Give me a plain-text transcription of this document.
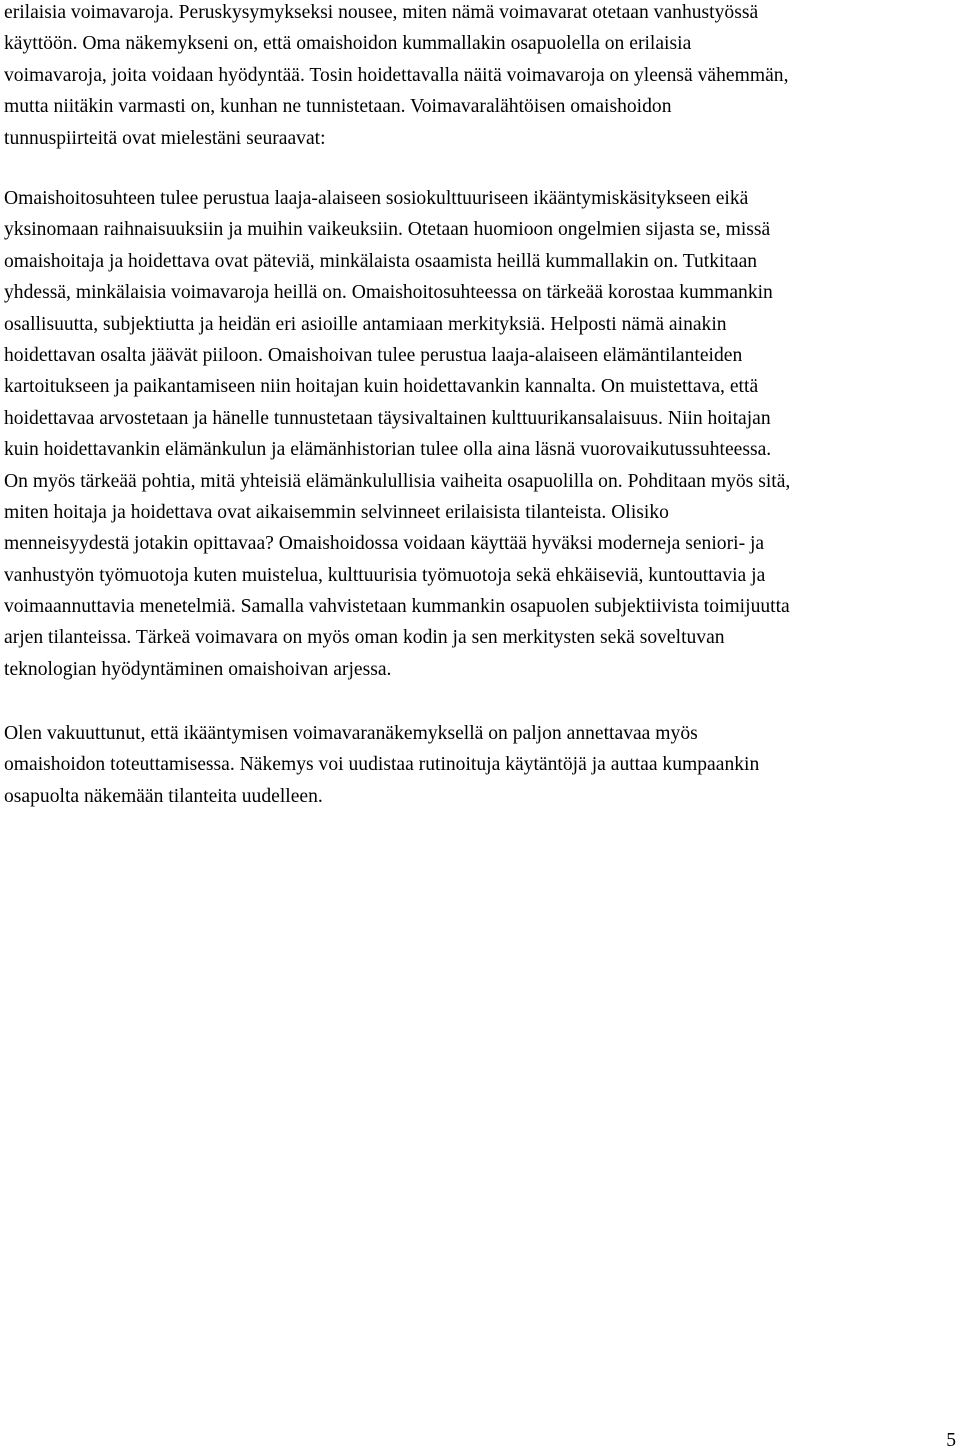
erilaisia voimavaroja. Peruskysymykseksi nousee, miten nämä voimavarat otetaan vanhustyössä
käyttöön. Oma näkemykseni on, että omaishoidon kummallakin osapuolella on erilaisia
voimavaroja, joita voidaan hyödyntää. Tosin hoidettavalla näitä voimavaroja on yleensä vähemmän,
mutta niitäkin varmasti on, kunhan ne tunnistetaan. Voimavaralähtöisen omaishoidon
tunnuspiirteitä ovat mielestäni seuraavat:

Omaishoitosuhteen tulee perustua laaja-alaiseen sosiokulttuuriseen ikääntymiskäsitykseen eikä
yksinomaan raihnaisuuksiin ja muihin vaikeuksiin. Otetaan huomioon ongelmien sijasta se, missä
omaishoitaja ja hoidettava ovat päteviä, minkälaista osaamista heillä kummallakin on. Tutkitaan
yhdessä, minkälaisia voimavaroja heillä on. Omaishoitosuhteessa on tärkeää korostaa kummankin
osallisuutta, subjektiutta ja heidän eri asioille antamiaan merkityksiä. Helposti nämä ainakin
hoidettavan osalta jäävät piiloon. Omaishoivan tulee perustua laaja-alaiseen elämäntilanteiden
kartoitukseen ja paikantamiseen niin hoitajan kuin hoidettavankin kannalta. On muistettava, että
hoidettavaa arvostetaan ja hänelle tunnustetaan täysivaltainen kulttuurikansalaisuus. Niin hoitajan
kuin hoidettavankin elämänkulun ja elämänhistorian tulee olla aina läsnä vuorovaikutussuhteessa.
On myös tärkeää pohtia, mitä yhteisiä elämänkulullisia vaiheita osapuolilla on. Pohditaan myös sitä,
miten hoitaja ja hoidettava ovat aikaisemmin selvinneet erilaisista tilanteista. Olisiko
menneisyydestä jotakin opittavaa? Omaishoidossa voidaan käyttää hyväksi moderneja seniori- ja
vanhustyön työmuotoja kuten muistelua, kulttuurisia työmuotoja sekä ehkäiseviä, kuntouttavia ja
voimaannuttavia menetelmiä. Samalla vahvistetaan kummankin osapuolen subjektiivista toimijuutta
arjen tilanteissa. Tärkeä voimavara on myös oman kodin ja sen merkitysten sekä soveltuvan
teknologian hyödyntäminen omaishoivan arjessa.

Olen vakuuttunut, että ikääntymisen voimavaranäkemyksellä on paljon annettavaa myös
omaishoidon toteuttamisessa. Näkemys voi uudistaa rutinoituja käytäntöjä ja auttaa kumpaankin
osapuolta näkemään tilanteita uudelleen.

5
